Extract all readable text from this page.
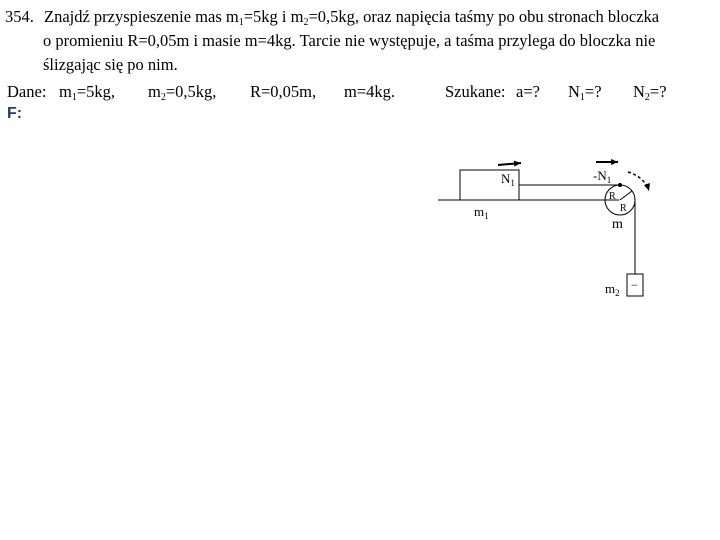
354. Znajdź przyspieszenie mas $m_1=5kg$ i $m_2=0,5kg$, oraz napięcia taśmy po obu stronach bloczka
o promieniu R=0,05m i masie m=4kg. Tarcie nie występuje, a taśma przylega do bloczka nie
ślizgając się po nim.
Dane: $m_1=5kg$, $m_2=0,5kg$, R=0,05m, m=4kg.	Szukane: a=? $N_1=$? $N_2=$?
F:
$N_1$
$m_1$
$-N_1$
R
R
m
$m_2$
−
